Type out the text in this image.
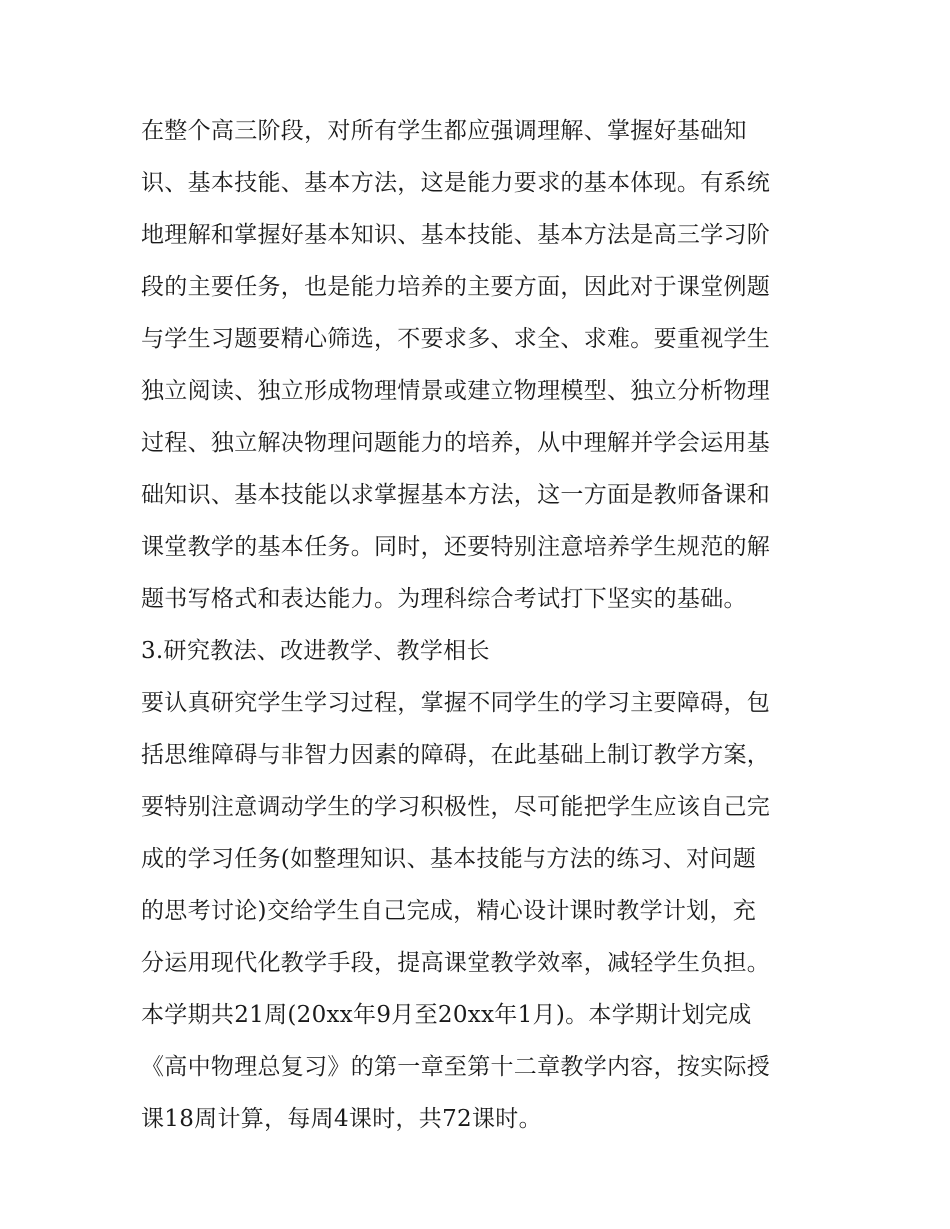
在整个高三阶段，对所有学生都应强调理解、掌握好基础知
识、基本技能、基本方法，这是能力要求的基本体现。有系统
地理解和掌握好基本知识、基本技能、基本方法是高三学习阶
段的主要任务，也是能力培养的主要方面，因此对于课堂例题
与学生习题要精心筛选，不要求多、求全、求难。要重视学生
独立阅读、独立形成物理情景或建立物理模型、独立分析物理
过程、独立解决物理问题能力的培养，从中理解并学会运用基
础知识、基本技能以求掌握基本方法，这一方面是教师备课和
课堂教学的基本任务。同时，还要特别注意培养学生规范的解
题书写格式和表达能力。为理科综合考试打下坚实的基础。
3.研究教法、改进教学、教学相长
要认真研究学生学习过程，掌握不同学生的学习主要障碍，包
括思维障碍与非智力因素的障碍，在此基础上制订教学方案，
要特别注意调动学生的学习积极性，尽可能把学生应该自己完
成的学习任务(如整理知识、基本技能与方法的练习、对问题
的思考讨论)交给学生自己完成，精心设计课时教学计划，充
分运用现代化教学手段，提高课堂教学效率，减轻学生负担。
本学期共21周(20xx年9月至20xx年1月)。本学期计划完成
《高中物理总复习》的第一章至第十二章教学内容，按实际授
课18周计算，每周4课时，共72课时。
